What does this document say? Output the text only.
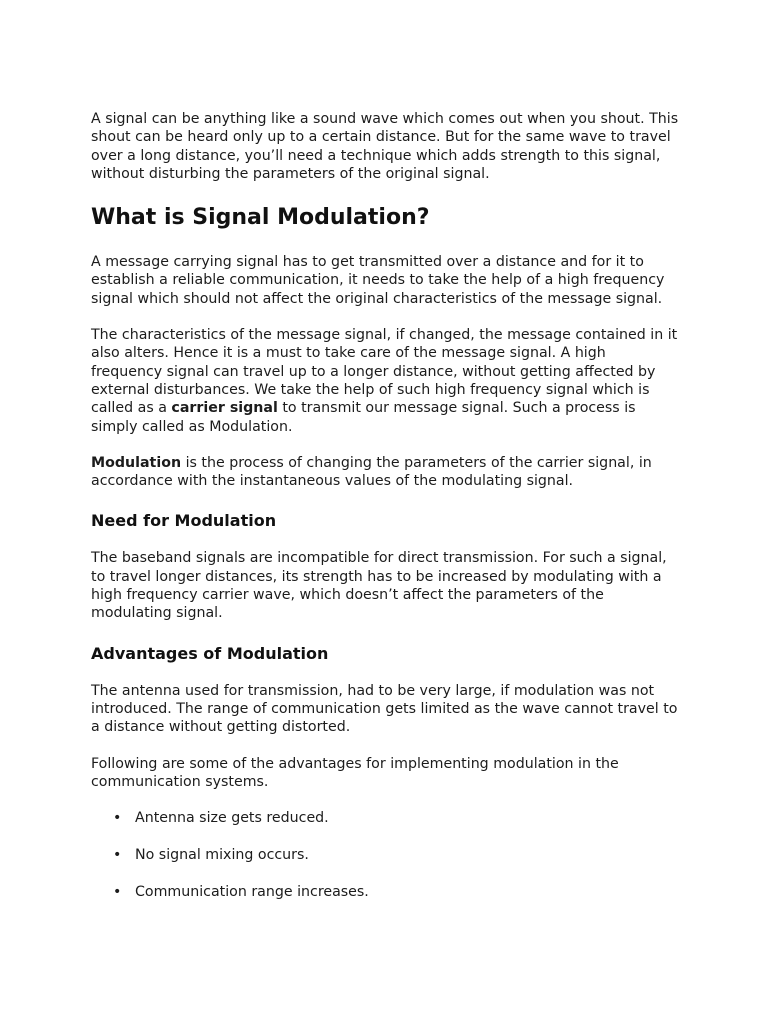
A signal can be anything like a sound wave which comes out when you shout. This shout can be heard only up to a certain distance. But for the same wave to travel over a long distance, you’ll need a technique which adds strength to this signal, without disturbing the parameters of the original signal.

What is Signal Modulation?

A message carrying signal has to get transmitted over a distance and for it to establish a reliable communication, it needs to take the help of a high frequency signal which should not affect the original characteristics of the message signal.

The characteristics of the message signal, if changed, the message contained in it also alters. Hence it is a must to take care of the message signal. A high frequency signal can travel up to a longer distance, without getting affected by external disturbances. We take the help of such high frequency signal which is called as a carrier signal to transmit our message signal. Such a process is simply called as Modulation.

Modulation is the process of changing the parameters of the carrier signal, in accordance with the instantaneous values of the modulating signal.

Need for Modulation

The baseband signals are incompatible for direct transmission. For such a signal, to travel longer distances, its strength has to be increased by modulating with a high frequency carrier wave, which doesn’t affect the parameters of the modulating signal.

Advantages of Modulation

The antenna used for transmission, had to be very large, if modulation was not introduced. The range of communication gets limited as the wave cannot travel to a distance without getting distorted.

Following are some of the advantages for implementing modulation in the communication systems.

• Antenna size gets reduced.
• No signal mixing occurs.
• Communication range increases.
